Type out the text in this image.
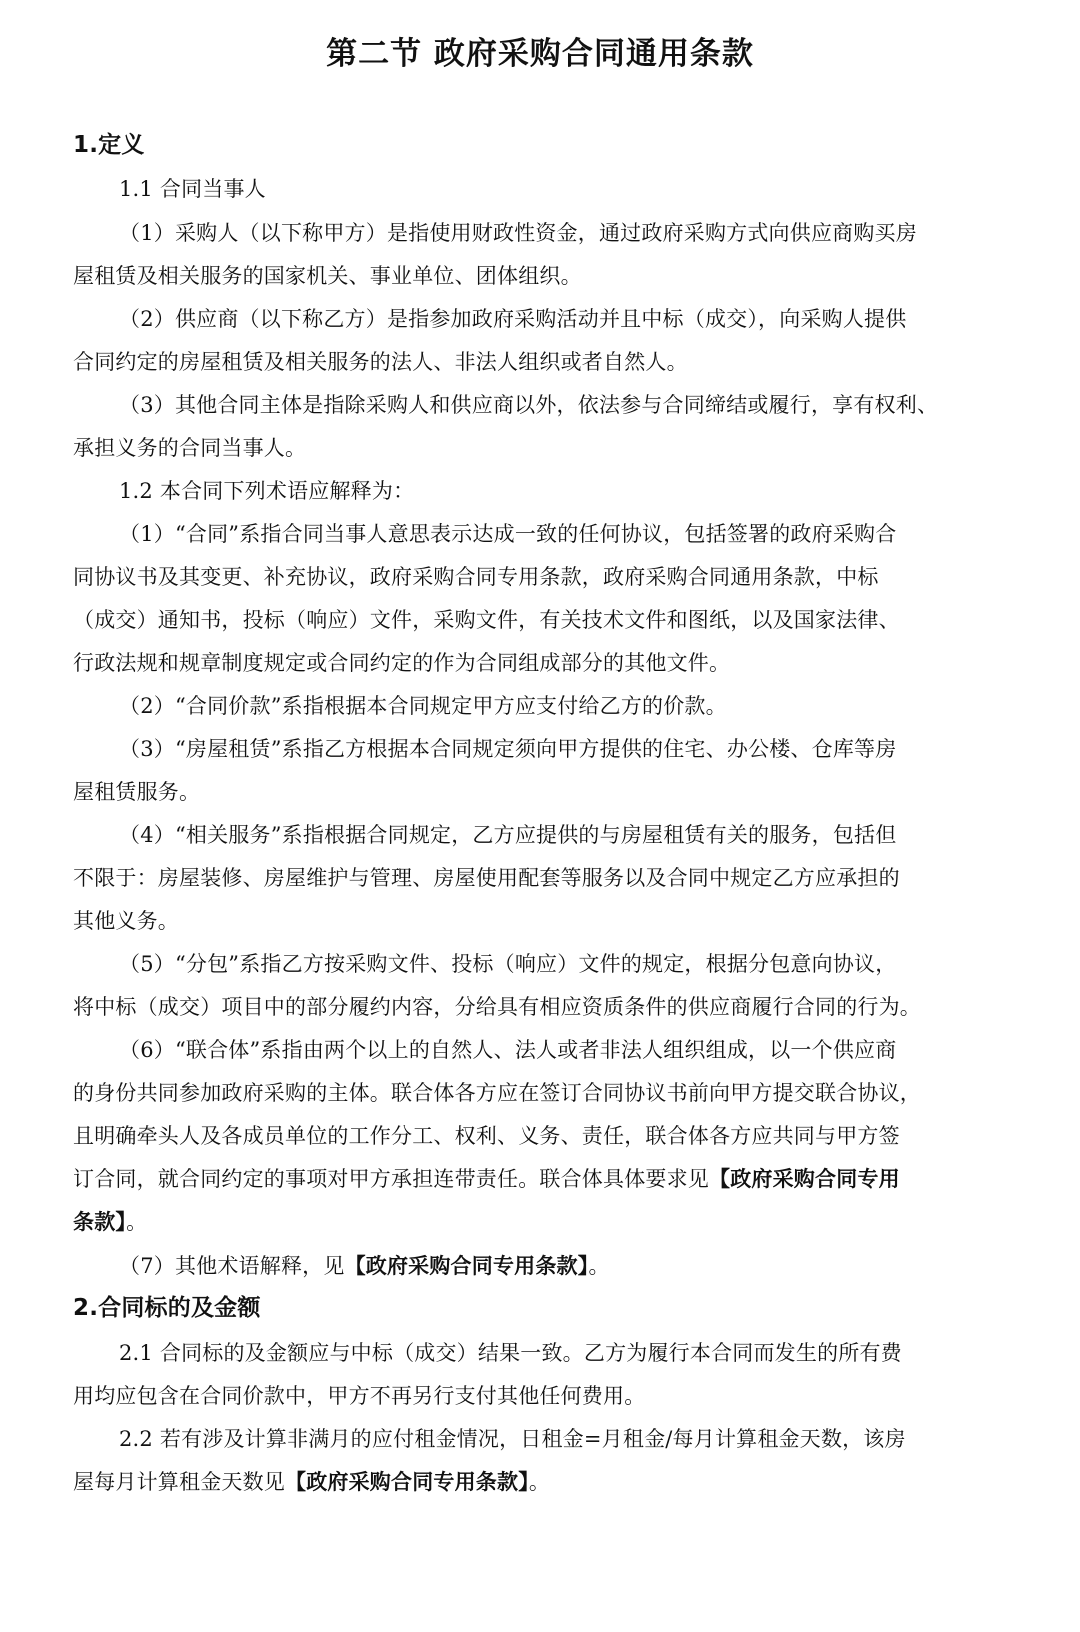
第二节 政府采购合同通用条款
1.定义
1.1 合同当事人
（1）采购人（以下称甲方）是指使用财政性资金，通过政府采购方式向供应商购买房
屋租赁及相关服务的国家机关、事业单位、团体组织。
（2）供应商（以下称乙方）是指参加政府采购活动并且中标（成交），向采购人提供
合同约定的房屋租赁及相关服务的法人、非法人组织或者自然人。
（3）其他合同主体是指除采购人和供应商以外，依法参与合同缔结或履行，享有权利、
承担义务的合同当事人。
1.2 本合同下列术语应解释为：
（1）“合同”系指合同当事人意思表示达成一致的任何协议，包括签署的政府采购合
同协议书及其变更、补充协议，政府采购合同专用条款，政府采购合同通用条款，中标
（成交）通知书，投标（响应）文件，采购文件，有关技术文件和图纸，以及国家法律、
行政法规和规章制度规定或合同约定的作为合同组成部分的其他文件。
（2）“合同价款”系指根据本合同规定甲方应支付给乙方的价款。
（3）“房屋租赁”系指乙方根据本合同规定须向甲方提供的住宅、办公楼、仓库等房
屋租赁服务。
（4）“相关服务”系指根据合同规定，乙方应提供的与房屋租赁有关的服务，包括但
不限于：房屋装修、房屋维护与管理、房屋使用配套等服务以及合同中规定乙方应承担的
其他义务。
（5）“分包”系指乙方按采购文件、投标（响应）文件的规定，根据分包意向协议，
将中标（成交）项目中的部分履约内容，分给具有相应资质条件的供应商履行合同的行为。
（6）“联合体”系指由两个以上的自然人、法人或者非法人组织组成，以一个供应商
的身份共同参加政府采购的主体。联合体各方应在签订合同协议书前向甲方提交联合协议，
且明确牵头人及各成员单位的工作分工、权利、义务、责任，联合体各方应共同与甲方签
订合同，就合同约定的事项对甲方承担连带责任。联合体具体要求见【政府采购合同专用
条款】。
（7）其他术语解释，见【政府采购合同专用条款】。
2.合同标的及金额
2.1 合同标的及金额应与中标（成交）结果一致。乙方为履行本合同而发生的所有费
用均应包含在合同价款中，甲方不再另行支付其他任何费用。
2.2 若有涉及计算非满月的应付租金情况，日租金=月租金/每月计算租金天数，该房
屋每月计算租金天数见【政府采购合同专用条款】。
